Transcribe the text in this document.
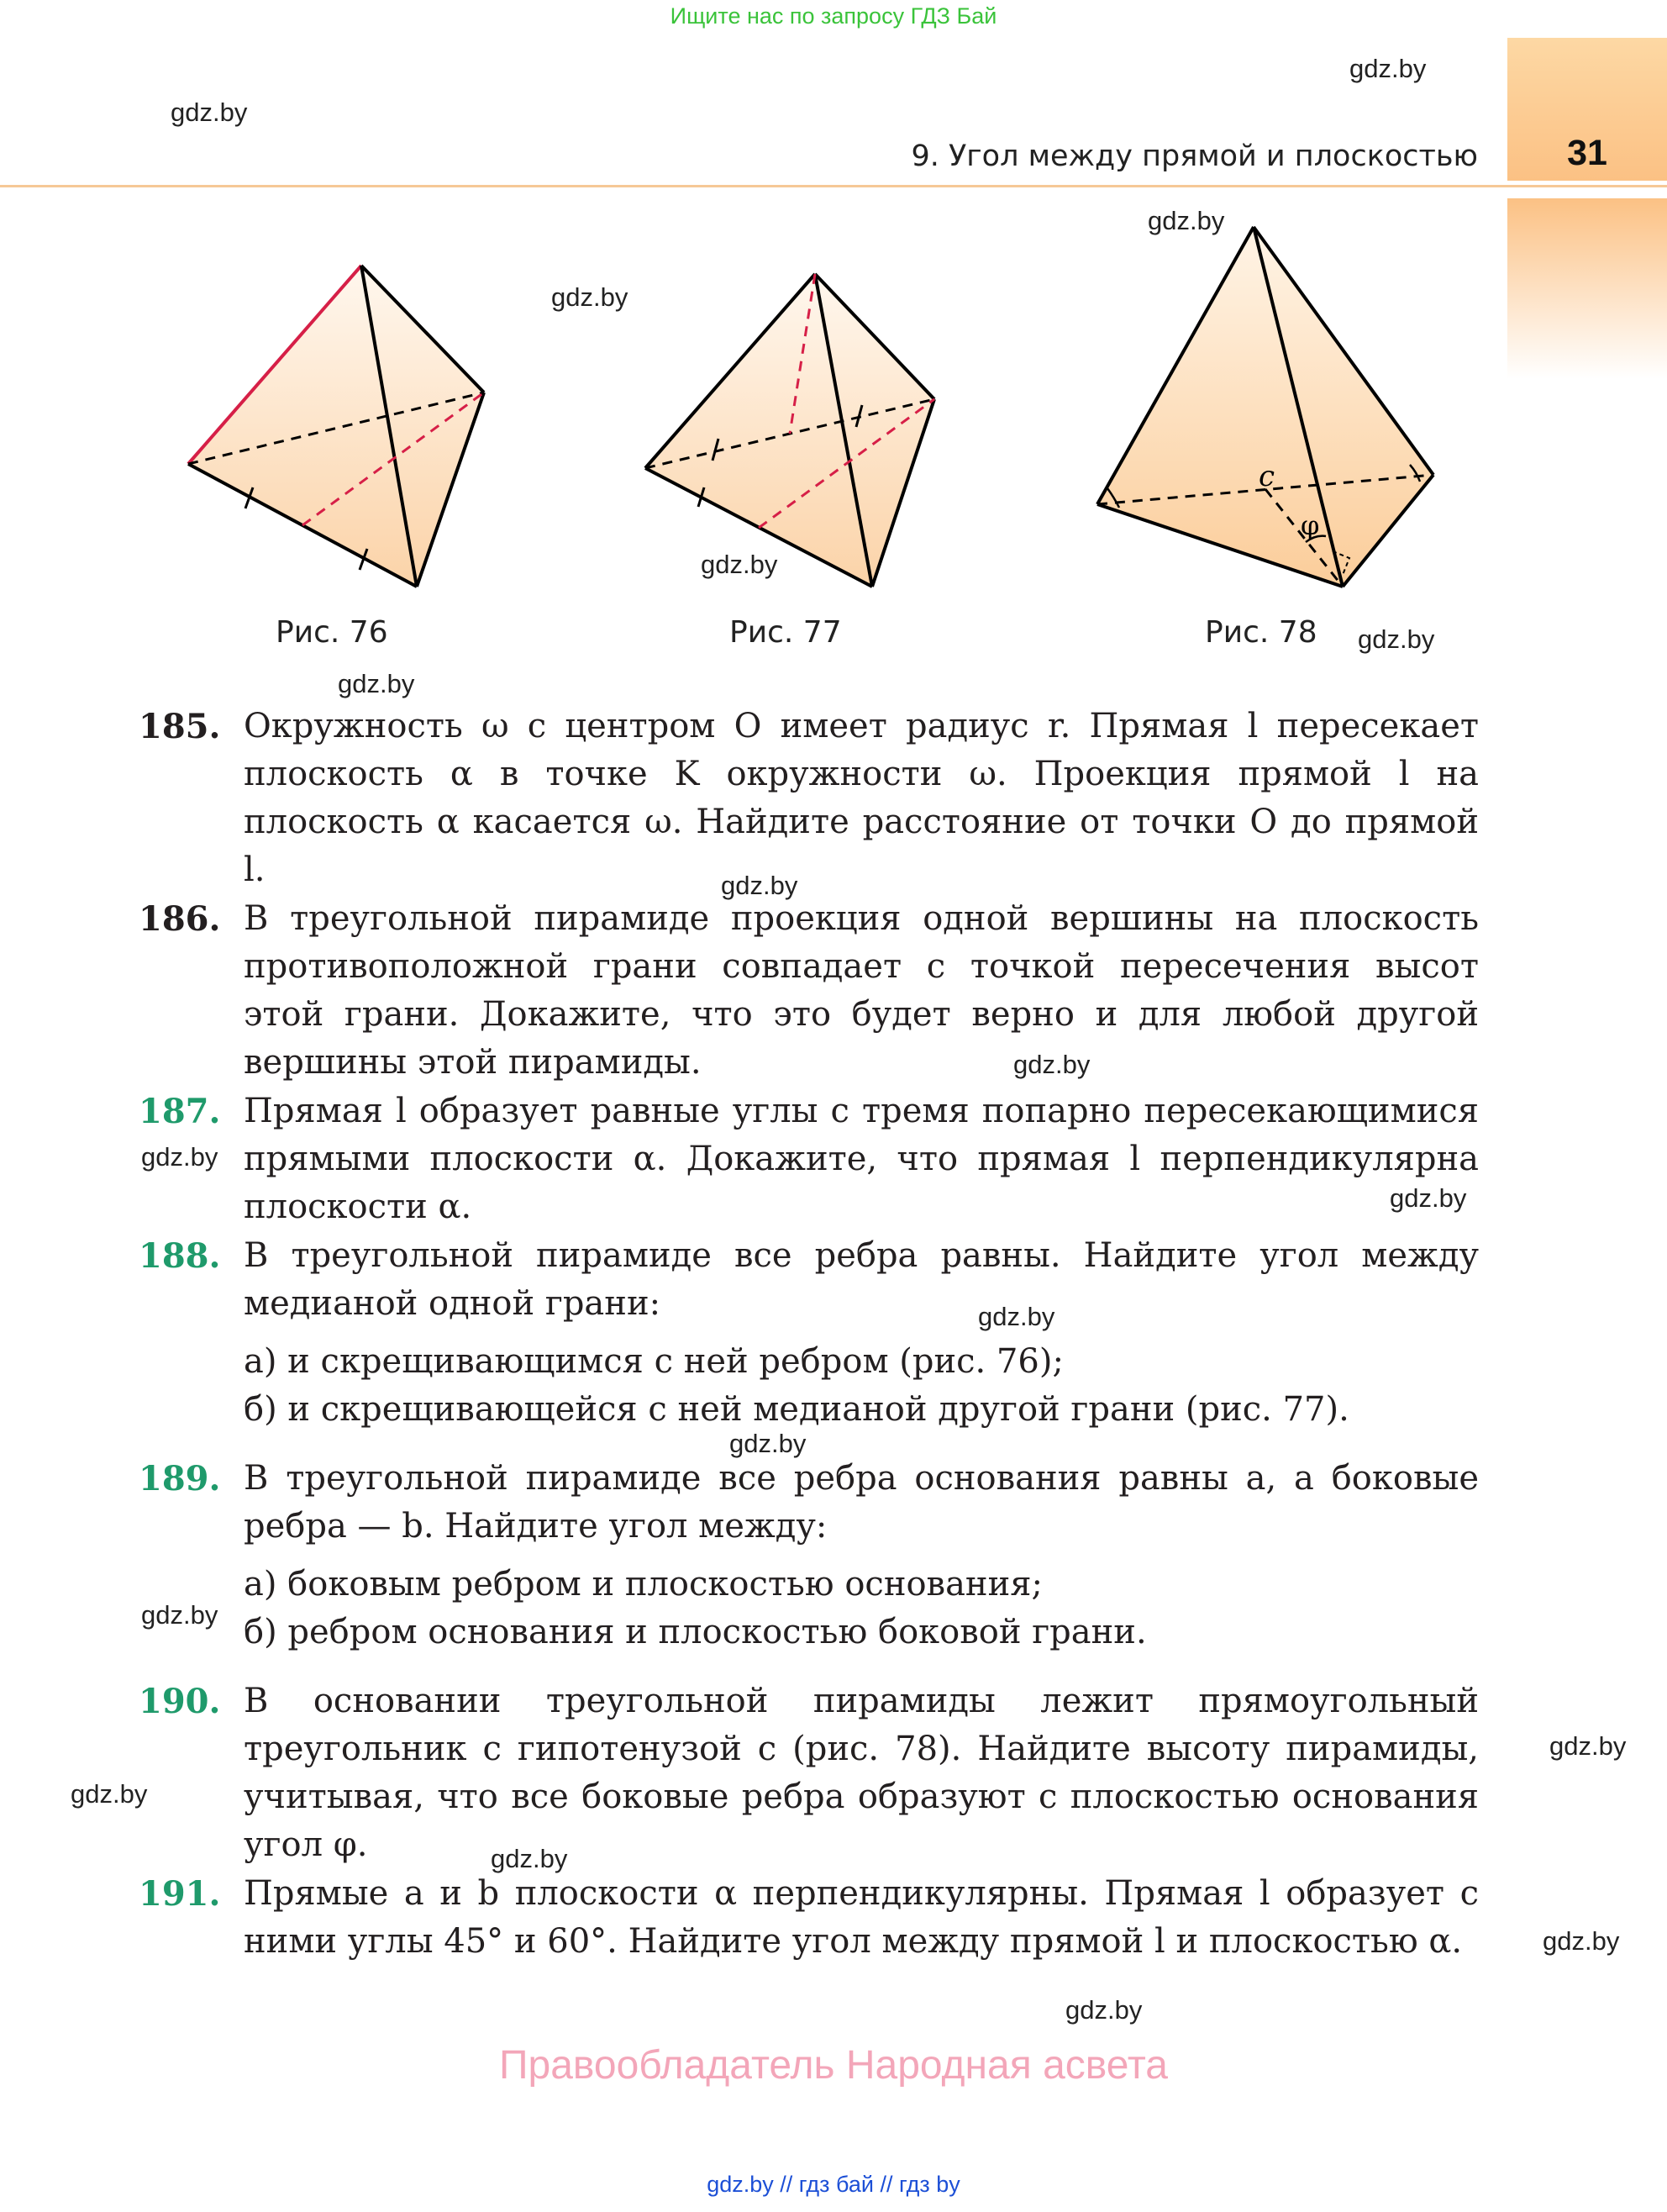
Ищите нас по запросу ГДЗ Бай
31
9. Угол между прямой и плоскостью
gdz.by
gdz.by
gdz.by
gdz.by
gdz.by
gdz.by
gdz.by
gdz.by
gdz.by
gdz.by
gdz.by
gdz.by
gdz.by
gdz.by
gdz.by
gdz.by
gdz.by
gdz.by
gdz.by
c
φ
Рис. 76	Рис. 77	Рис. 78
185. Окружность ω с центром O имеет радиус r. Прямая l пересекает плоскость α в точке K окружности ω. Проекция прямой l на плоскость α касается ω. Найдите расстояние от точки O до прямой l.

186. В треугольной пирамиде проекция одной вершины на плоскость противоположной грани совпадает с точкой пересечения высот этой грани. Докажите, что это будет верно и для любой другой вершины этой пирамиды.

187. Прямая l образует равные углы с тремя попарно пересекающимися прямыми плоскости α. Докажите, что прямая l перпендикулярна плоскости α.

188. В треугольной пирамиде все ребра равны. Найдите угол между медианой одной грани:

а) и скрещивающимся с ней ребром (рис. 76);

б) и скрещивающейся с ней медианой другой грани (рис. 77).

189. В треугольной пирамиде все ребра основания равны a, а боковые ребра — b. Найдите угол между:

а) боковым ребром и плоскостью основания;

б) ребром основания и плоскостью боковой грани.

190. В основании треугольной пирамиды лежит прямоугольный треугольник с гипотенузой c (рис. 78). Найдите высоту пирамиды, учитывая, что все боковые ребра образуют с плоскостью основания угол φ.

191. Прямые a и b плоскости α перпендикулярны. Прямая l образует с ними углы 45° и 60°. Найдите угол между прямой l и плоскостью α.

Правообладатель Народная асвета
gdz.by // гдз бай // гдз by
